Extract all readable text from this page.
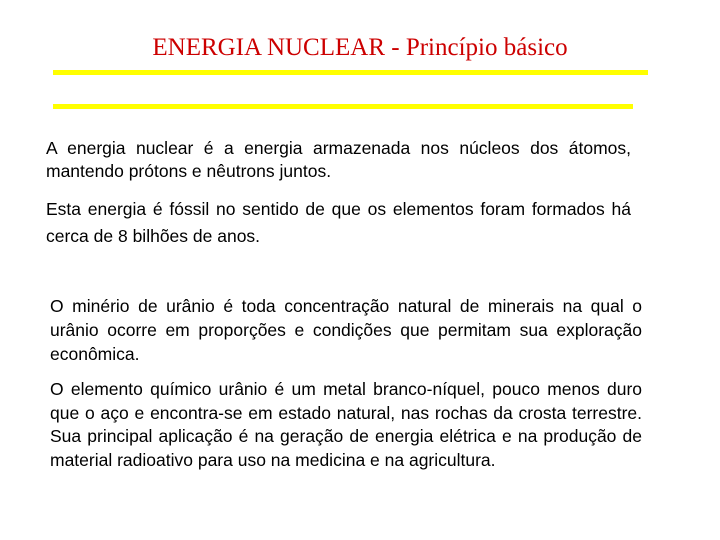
ENERGIA NUCLEAR - Princípio básico

A energia nuclear é a energia armazenada nos núcleos dos átomos, mantendo prótons e nêutrons juntos.

Esta energia é fóssil no sentido de que os elementos foram formados há cerca de 8 bilhões de anos.

O minério de urânio é toda concentração natural de minerais na qual o urânio ocorre em proporções e condições que permitam sua exploração econômica.

O elemento químico urânio é um metal branco-níquel, pouco menos duro que o aço e encontra-se em estado natural, nas rochas da crosta terrestre. Sua principal aplicação é na geração de energia elétrica e na produção de material radioativo para uso na medicina e na agricultura.
